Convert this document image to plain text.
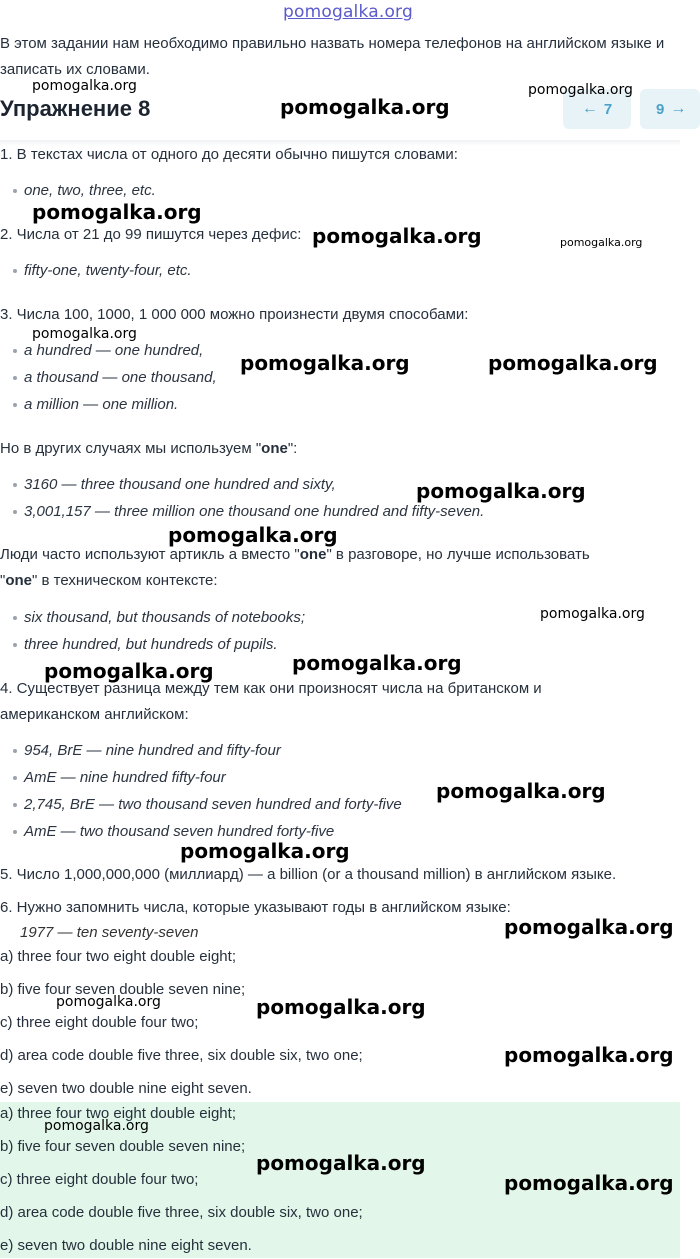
pomogalka.org
В этом задании нам необходимо правильно назвать номера телефонов на английском языке и записать их словами.
Упражнение 8	← 7	9 →
1. В текстах числа от одного до десяти обычно пишутся словами:
one, two, three, etc.
2. Числа от 21 до 99 пишутся через дефис:
fifty-one, twenty-four, etc.
3. Числа 100, 1000, 1 000 000 можно произнести двумя способами:
a hundred — one hundred,
a thousand — one thousand,
a million — one million.
Но в других случаях мы используем "one":
3160 — three thousand one hundred and sixty,
3,001,157 — three million one thousand one hundred and fifty-seven.
Люди часто используют артикль a вместо "one" в разговоре, но лучше использовать
"one" в техническом контексте:
six thousand, but thousands of notebooks;
three hundred, but hundreds of pupils.
4. Существует разница между тем как они произносят числа на британском и американском английском:
954, BrE — nine hundred and fifty-four
AmE — nine hundred fifty-four
2,745, BrE — two thousand seven hundred and forty-five
AmE — two thousand seven hundred forty-five
5. Число 1,000,000,000 (миллиард) — a billion (or a thousand million) в английском языке.
6. Нужно запомнить числа, которые указывают годы в английском языке:
1977 — ten seventy-seven
a) three four two eight double eight;
b) five four seven double seven nine;
c) three eight double four two;
d) area code double five three, six double six, two one;
e) seven two double nine eight seven.
a) three four two eight double eight;
b) five four seven double seven nine;
c) three eight double four two;
d) area code double five three, six double six, two one;
e) seven two double nine eight seven.
pomogalka.org
pomogalka.org
pomogalka.org
pomogalka.org
pomogalka.org	pomogalka.org
pomogalka.org
pomogalka.org	pomogalka.org
pomogalka.org
pomogalka.org
pomogalka.org
pomogalka.org
pomogalka.org
pomogalka.org
pomogalka.org
pomogalka.org
pomogalka.org	pomogalka.org
pomogalka.org
pomogalka.org
pomogalka.org
pomogalka.org
